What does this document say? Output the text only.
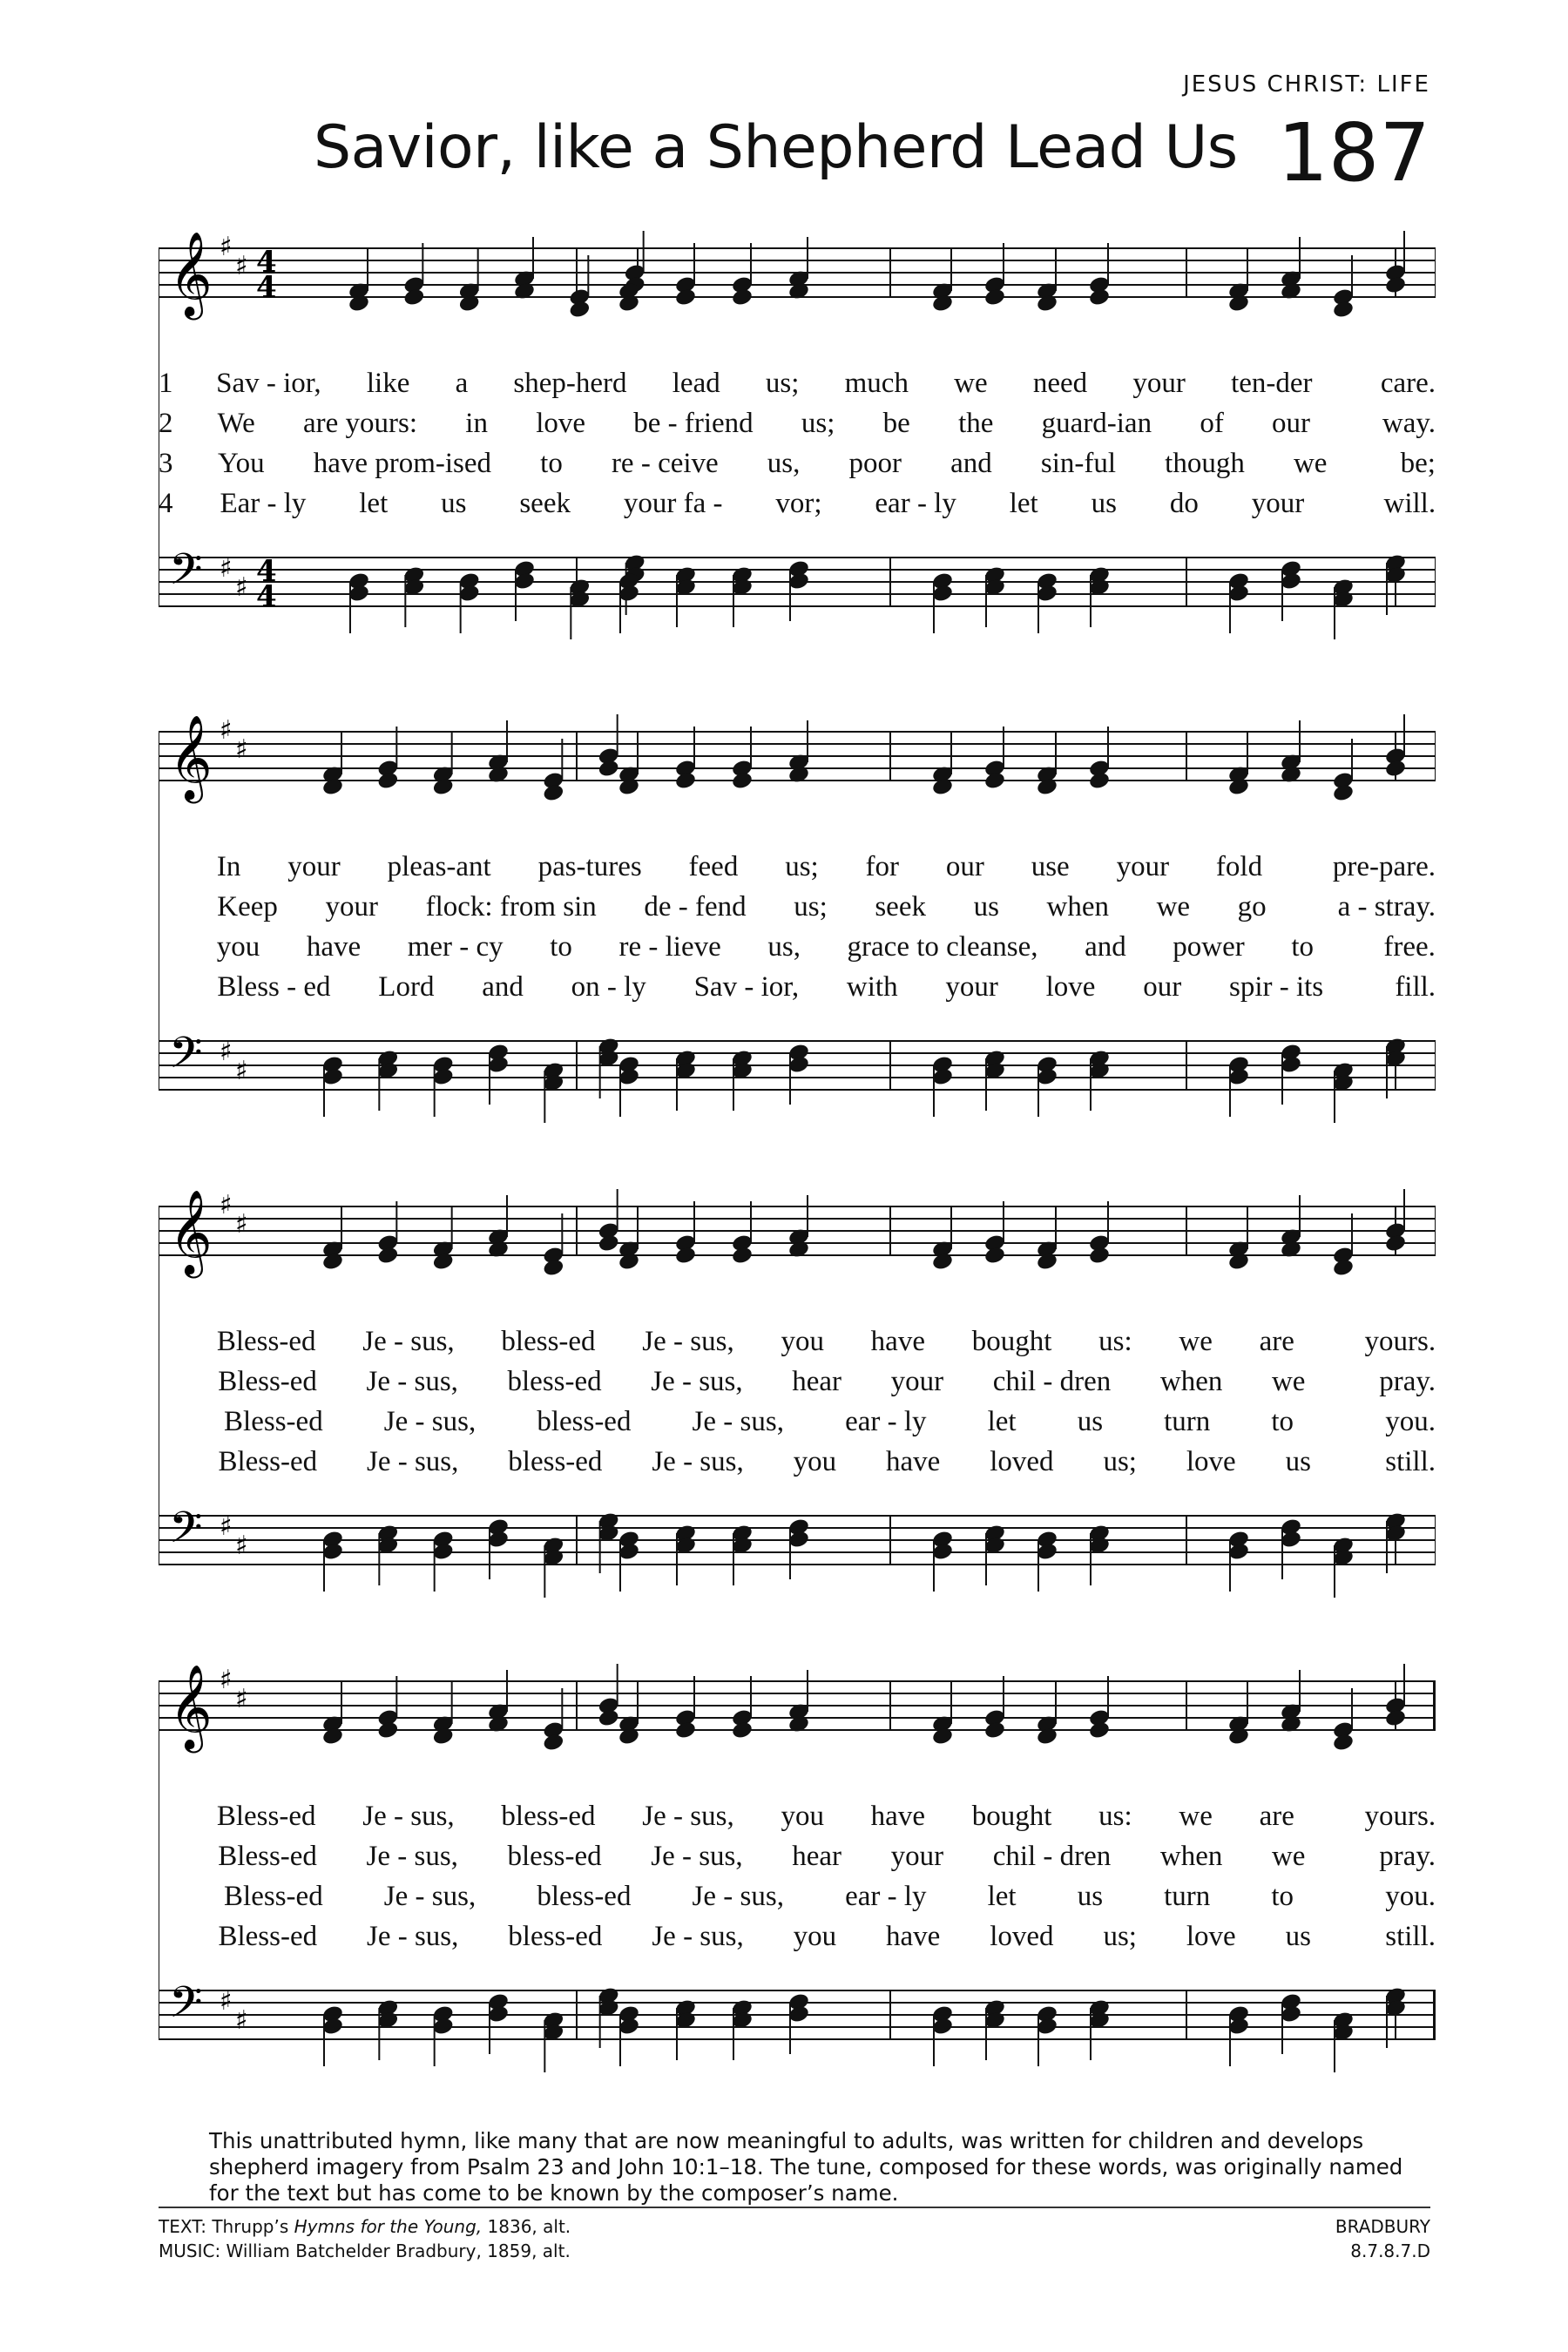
JESUS CHRIST: LIFE
Savior, like a Shepherd Lead Us 187
𝄞 ♯
♯ 4
4
𝄢 ♯
♯ 4
4
1	Sav - ior,	like	a	shep-herd	lead	us;	much	we	need	your	ten-der	care.
2	We	are yours:	in	love	be - friend	us;	be	the	guard-ian	of	our	way.
3	You	have prom-ised	to	re - ceive	us,	poor	and	sin-ful	though	we	be;
4	Ear - ly	let	us	seek	your fa -	vor;	ear - ly	let	us	do	your	will.
𝄞 ♯
♯
𝄢 ♯
♯
In	your	pleas-ant	pas-tures	feed	us;	for	our	use	your	fold	pre-pare.
Keep	your	flock: from sin	de - fend	us;	seek	us	when	we	go	a - stray.
you	have	mer - cy	to	re - lieve	us,	grace to cleanse,	and	power	to	free.
Bless - ed	Lord	and	on - ly	Sav - ior,	with	your	love	our	spir - its	fill.
𝄞 ♯
♯
𝄢 ♯
♯
Bless-ed	Je - sus,	bless-ed	Je - sus,	you	have	bought	us:	we	are	yours.
Bless-ed	Je - sus,	bless-ed	Je - sus,	hear	your	chil - dren	when	we	pray.
Bless-ed	Je - sus,	bless-ed	Je - sus,	ear - ly	let	us	turn	to	you.
Bless-ed	Je - sus,	bless-ed	Je - sus,	you	have	loved	us;	love	us	still.
𝄞 ♯
♯
𝄢 ♯
♯
Bless-ed	Je - sus,	bless-ed	Je - sus,	you	have	bought	us:	we	are	yours.
Bless-ed	Je - sus,	bless-ed	Je - sus,	hear	your	chil - dren	when	we	pray.
Bless-ed	Je - sus,	bless-ed	Je - sus,	ear - ly	let	us	turn	to	you.
Bless-ed	Je - sus,	bless-ed	Je - sus,	you	have	loved	us;	love	us	still.
This unattributed hymn, like many that are now meaningful to adults, was written for children and develops shepherd imagery from Psalm 23 and John 10:1–18. The tune, composed for these words, was originally named for the text but has come to be known by the composer’s name.
TEXT: Thrupp’s Hymns for the Young, 1836, alt.
MUSIC: William Batchelder Bradbury, 1859, alt.
BRADBURY
8.7.8.7.D
